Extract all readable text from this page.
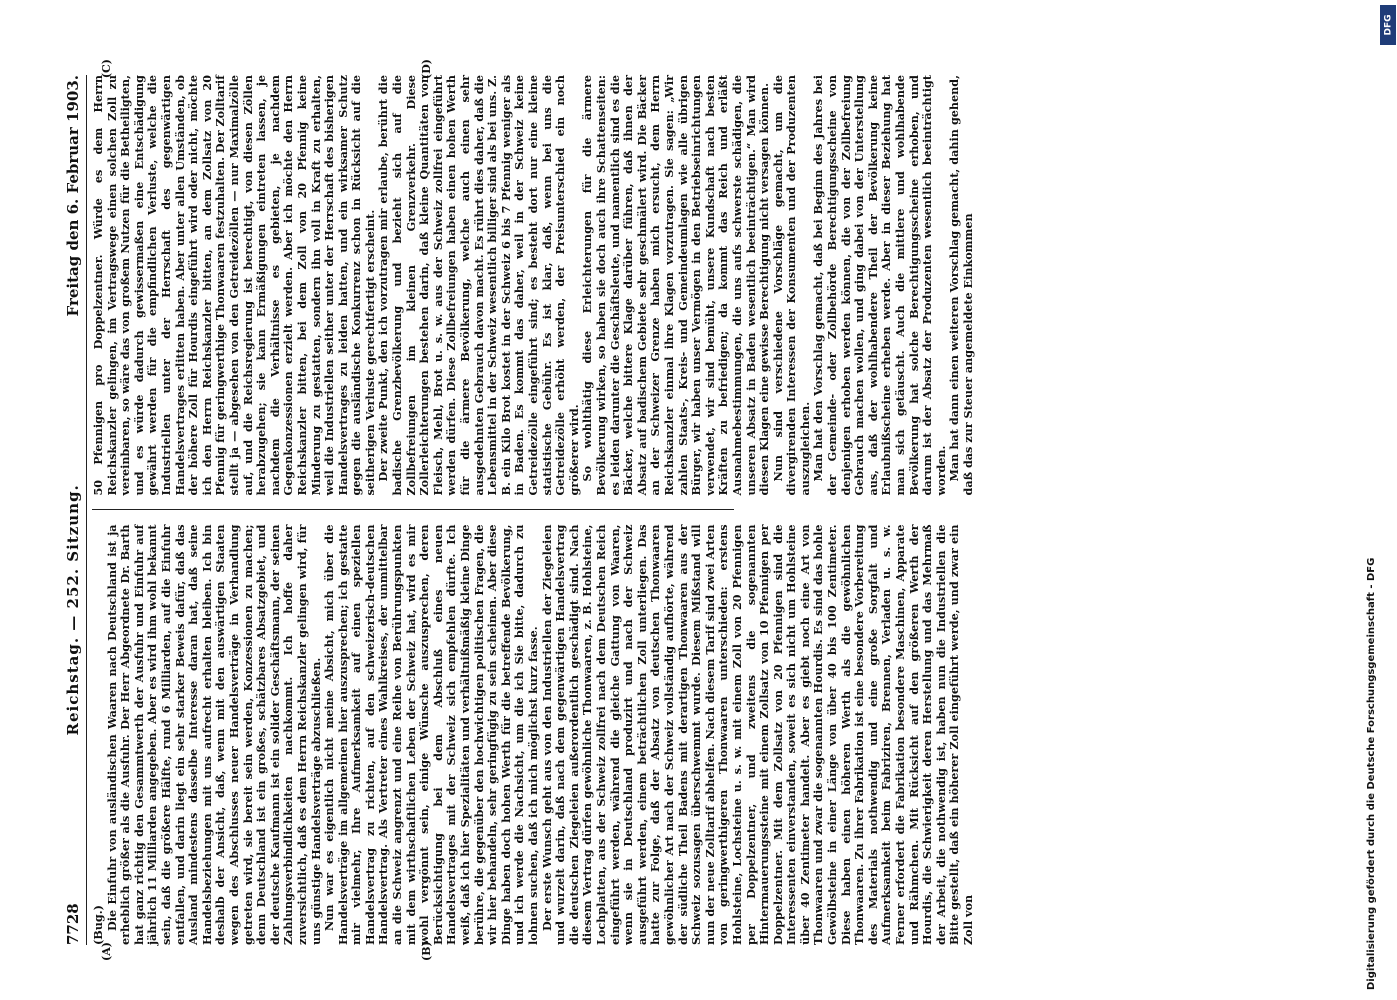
7728
Reichstag. — 252. Sitzung.
Freitag den 6. Februar 1903.

(Bug.) Die Einfuhr von ausländischen Waaren nach Deutschland ist ja erheblich größer als die Ausfuhr. Der Herr Abgeordnete Dr. Barth hat ganz richtig den Gesammtwerth der Ausfuhr und Einfuhr auf jährlich 11 Milliarden angegeben. Aber es wird ihm wohl bekannt sein, daß die größere Hälfte, rund 6 Milliarden, auf die Einfuhr entfallen, und darin liegt ein sehr starker Beweis dafür, daß das Ausland mindestens dasselbe Interesse daran hat, daß seine Handelsbeziehungen mit uns aufrecht erhalten bleiben. Ich bin deshalb der Ansicht, daß, wenn mit den auswärtigen Staaten wegen des Abschlusses neuer Handelsverträge in Verhandlung getreten wird, sie bereit sein werden, Konzessionen zu machen; denn Deutschland ist ein großes, schätzbares Absatzgebiet, und der deutsche Kaufmann ist ein solider Geschäftsmann, der seinen Zahlungsverbindlichkeiten nachkommt. Ich hoffe daher zuversichtlich, daß es dem Herrn Reichskanzler gelingen wird, für uns günstige Handelsverträge abzuschließen. Nun war es eigentlich nicht meine Absicht, mich über die Handelsverträge im allgemeinen hier auszusprechen; ich gestatte mir vielmehr, Ihre Aufmerksamkeit auf einen speziellen Handelsvertrag zu richten, auf den schweizerisch-deutschen Handelsvertrag. Als Vertreter eines Wahlkreises, der unmittelbar an die Schweiz angrenzt und eine Reihe von Berührungspunkten mit dem wirthschaftlichen Leben der Schweiz hat, wird es mir wohl vergönnt sein, einige Wünsche auszusprechen, deren Berücksichtigung bei dem Abschluß eines neuen Handelsvertrages mit der Schweiz sich empfehlen dürfte. Ich weiß, daß ich hier Spezialitäten und verhältnißmäßig kleine Dinge berühre, die gegenüber den hochwichtigen politischen Fragen, die wir hier behandeln, sehr geringfügig zu sein scheinen. Aber diese Dinge haben doch hohen Werth für die betreffende Bevölkerung, und ich werde die Nachsicht, um die ich Sie bitte, dadurch zu lohnen suchen, daß ich mich möglichst kurz fasse. Der erste Wunsch geht aus von den Industriellen der Ziegeleien und wurzelt darin, daß nach dem gegenwärtigen Handelsvertrag die deutschen Ziegeleien außerordentlich geschädigt sind. Nach diesem Vertrag dürfen gewöhnliche Thonwaaren, z. B. Hohlsteine, Lochplatten, aus der Schweiz zollfrei nach dem Deutschen Reich eingeführt werden, während die gleiche Gattung von Waaren, wenn sie in Deutschland produzirt und nach der Schweiz ausgeführt werden, einem beträchtlichen Zoll unterliegen. Das hatte zur Folge, daß der Absatz von deutschen Thonwaaren gewöhnlicher Art nach der Schweiz vollständig aufhörte, während der südliche Theil Badens mit derartigen Thonwaaren aus der Schweiz sozusagen überschwemmt wurde. Diesem Mißstand will nun der neue Zolltarif abhelfen. Nach diesem Tarif sind zwei Arten von geringwerthigeren Thonwaaren unterschieden: erstens Hohlsteine, Lochsteine u. s. w. mit einem Zoll von 20 Pfennigen per Doppelzentner, und zweitens die sogenannten Hintermauerungssteine mit einem Zollsatz von 10 Pfennigen per Doppelzentner. Mit dem Zollsatz von 20 Pfennigen sind die Interessenten einverstanden, soweit es sich nicht um Hohlsteine über 40 Zentimeter handelt. Aber es giebt noch eine Art von Thonwaaren und zwar die sogenannten Hourdis. Es sind das hohle Gewölbsteine in einer Länge von über 40 bis 100 Zentimeter. Diese haben einen höheren Werth als die gewöhnlichen Thonwaaren. Zu ihrer Fabrikation ist eine besondere Vorbereitung des Materials nothwendig und eine große Sorgfalt und Aufmerksamkeit beim Fabriziren, Brennen, Verladen u. s. w. Ferner erfordert die Fabrikation besondere Maschinen, Apparate und Rähmchen. Mit Rücksicht auf den größeren Werth der Hourdis, die Schwierigkeit deren Herstellung und das Mehrmaß der Arbeit, die nothwendig ist, haben nun die Industriellen die Bitte gestellt, daß ein höherer Zoll eingeführt werde, und zwar ein Zoll von

50 Pfennigen pro Doppelzentner. Würde es dem Herrn Reichskanzler gelingen, im Vertragswege einen solchen Zoll zu vereinbaren, so wäre das von großem Nutzen für die Betheiligten, und es würde dadurch gewissermaßen eine Entschädigung gewährt werden für die empfindlichen Verluste, welche die Industriellen unter der Herrschaft des gegenwärtigen Handelsvertrages erlitten haben. Aber unter allen Umständen, ob der höhere Zoll für Hourdis eingeführt wird oder nicht, möchte ich den Herrn Reichskanzler bitten, an dem Zollsatz von 20 Pfennig für geringwerthige Thonwaaren festzuhalten. Der Zolltarif stellt ja — abgesehen von den Getreidezöllen — nur Maximalzölle auf, und die Reichsregierung ist berechtigt, von diesen Zöllen herabzugehen; sie kann Ermäßigungen eintreten lassen, je nachdem die Verhältnisse es gebieten, je nachdem Gegenkonzessionen erzielt werden. Aber ich möchte den Herrn Reichskanzler bitten, bei dem Zoll von 20 Pfennig keine Minderung zu gestatten, sondern ihn voll in Kraft zu erhalten, weil die Industriellen seither unter der Herrschaft des bisherigen Handelsvertrages zu leiden hatten, und ein wirksamer Schutz gegen die ausländische Konkurrenz schon in Rücksicht auf die seitherigen Verluste gerechtfertigt erscheint. Der zweite Punkt, den ich vorzutragen mir erlaube, berührt die badische Grenzbevölkerung und bezieht sich auf die Zollbefreiungen im kleinen Grenzverkehr. Diese Zollerleichterungen bestehen darin, daß kleine Quantitäten von Fleisch, Mehl, Brot u. s. w. aus der Schweiz zollfrei eingeführt werden dürfen. Diese Zollbefreiungen haben einen hohen Werth für die ärmere Bevölkerung, welche auch einen sehr ausgedehnten Gebrauch davon macht. Es rührt dies daher, daß die Lebensmittel in der Schweiz wesentlich billiger sind als bei uns. Z. B. ein Kilo Brot kostet in der Schweiz 6 bis 7 Pfennig weniger als in Baden. Es kommt das daher, weil in der Schweiz keine Getreidezölle eingeführt sind; es besteht dort nur eine kleine statistische Gebühr. Es ist klar, daß, wenn bei uns die Getreidezölle erhöht werden, der Preisunterschied ein noch größerer wird. So wohlthätig diese Erleichterungen für die ärmere Bevölkerung wirken, so haben sie doch auch ihre Schattenseiten: es leiden darunter die Geschäftsleute, und namentlich sind es die Bäcker, welche bittere Klage darüber führen, daß ihnen der Absatz auf badischem Gebiete sehr geschmälert wird. Die Bäcker an der Schweizer Grenze haben mich ersucht, dem Herrn Reichskanzler einmal ihre Klagen vorzutragen. Sie sagen: „Wir zahlen Staats-, Kreis- und Gemeindeumlagen wie alle übrigen Bürger, wir haben unser Vermögen in den Betriebseinrichtungen verwendet, wir sind bemüht, unsere Kundschaft nach besten Kräften zu befriedigen; da kommt das Reich und erläßt Ausnahmebestimmungen, die uns aufs schwerste schädigen, die unseren Absatz in Baden wesentlich beeinträchtigen.“ Man wird diesen Klagen eine gewisse Berechtigung nicht versagen können. Nun sind verschiedene Vorschläge gemacht, um die divergirenden Interessen der Konsumenten und der Produzenten auszugleichen. Man hat den Vorschlag gemacht, daß bei Beginn des Jahres bei der Gemeinde- oder Zollbehörde Berechtigungsscheine von denjenigen erhoben werden können, die von der Zollbefreiung Gebrauch machen wollen, und ging dabei von der Unterstellung aus, daß der wohlhabendere Theil der Bevölkerung keine Erlaubnißscheine erheben werde. Aber in dieser Beziehung hat man sich getäuscht. Auch die mittlere und wohlhabende Bevölkerung hat solche Berechtigungsscheine erhoben, und darum ist der Absatz der Produzenten wesentlich beeinträchtigt worden. Man hat dann einen weiteren Vorschlag gemacht, dahin gehend, daß das zur Steuer angemeldete Einkommen

(A)	(B)
(C)	(D)
Digitalisierung gefördert durch die Deutsche Forschungsgemeinschaft - DFG
DFG
